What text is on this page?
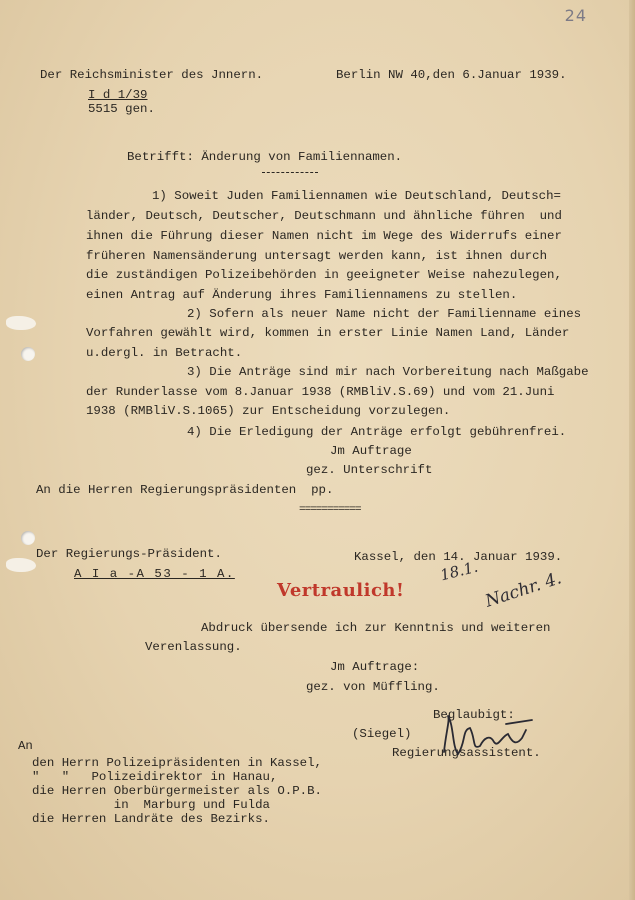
24
Der Reichsminister des Jnnern.	Berlin NW 40,den 6.Januar 1939.
I d 1/39
5515 gen.
Betrifft: Änderung von Familiennamen.
1) Soweit Juden Familiennamen wie Deutschland, Deutsch=
länder, Deutsch, Deutscher, Deutschmann und ähnliche führen  und
ihnen die Führung dieser Namen nicht im Wege des Widerrufs einer
früheren Namensänderung untersagt werden kann, ist ihnen durch
die zuständigen Polizeibehörden in geeigneter Weise nahezulegen,
einen Antrag auf Änderung ihres Familiennamens zu stellen.
2) Sofern als neuer Name nicht der Familienname eines
Vorfahren gewählt wird, kommen in erster Linie Namen Land, Länder
u.dergl. in Betracht.
3) Die Anträge sind mir nach Vorbereitung nach Maßgabe
der Runderlasse vom 8.Januar 1938 (RMBliV.S.69) und vom 21.Juni
1938 (RMBliV.S.1065) zur Entscheidung vorzulegen.
4) Die Erledigung der Anträge erfolgt gebührenfrei.
Jm Auftrage
gez. Unterschrift
An die Herren Regierungspräsidenten  pp.
===========
Der Regierungs-Präsident.	Kassel, den 14. Januar 1939.
A I a -A 53 - 1 A.	18.1. Nachr. 4.
Vertraulich!
Abdruck übersende ich zur Kenntnis und weiteren
Verenlassung.
Jm Auftrage:
gez. von Müffling.
Beglaubigt:
(Siegel)
Regierungsassistent.
An
den Herrn Polizeipräsidenten in Kassel,
"   "   Polizeidirektor in Hanau,
die Herren Oberbürgermeister als O.P.B.
in  Marburg und Fulda
die Herren Landräte des Bezirks.
